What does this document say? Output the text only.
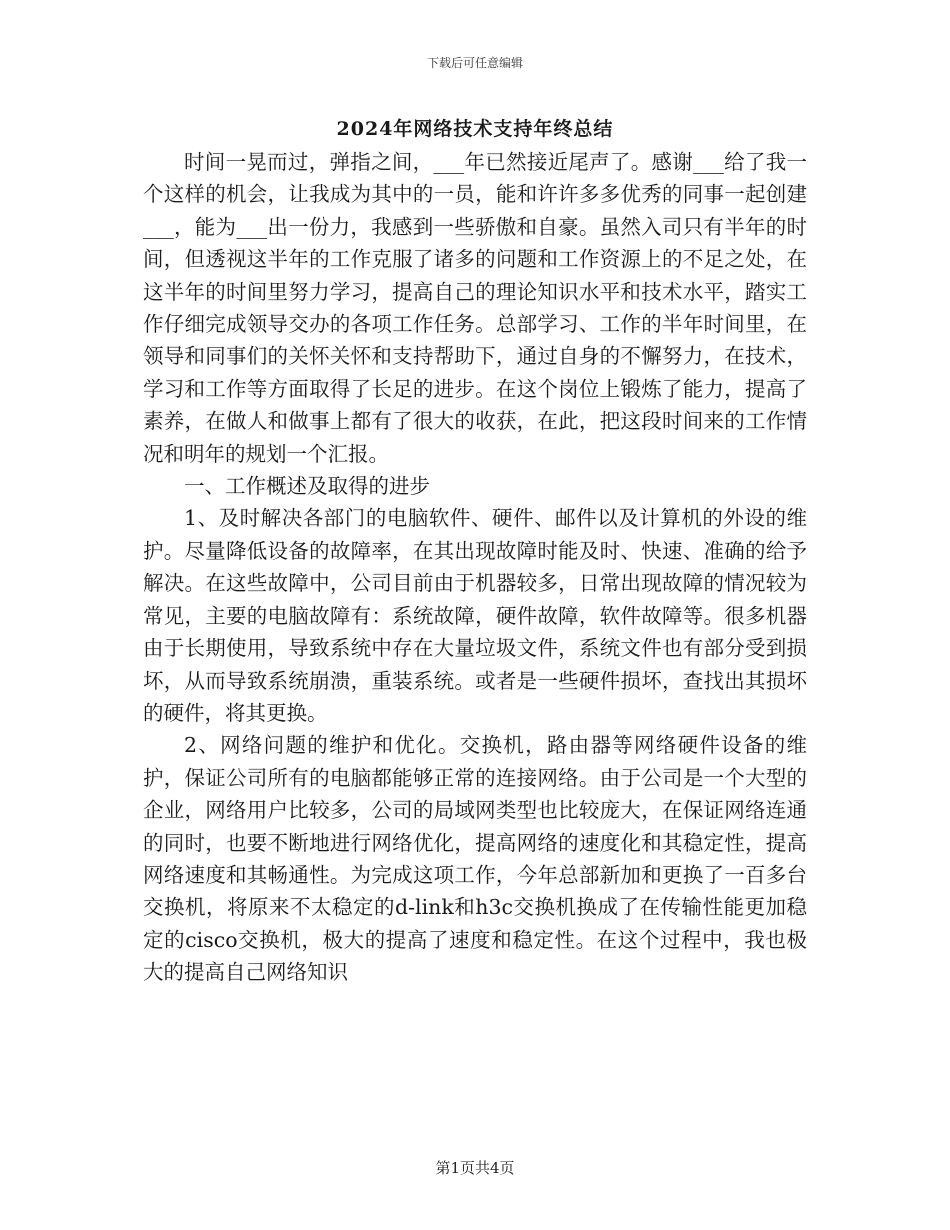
下载后可任意编辑
2024年网络技术支持年终总结

时间一晃而过，弹指之间，___年已然接近尾声了。感谢___给了我一个这样的机会，让我成为其中的一员，能和许许多多优秀的同事一起创建___，能为___出一份力，我感到一些骄傲和自豪。虽然入司只有半年的时间，但透视这半年的工作克服了诸多的问题和工作资源上的不足之处，在这半年的时间里努力学习，提高自己的理论知识水平和技术水平，踏实工作仔细完成领导交办的各项工作任务。总部学习、工作的半年时间里，在领导和同事们的关怀关怀和支持帮助下，通过自身的不懈努力，在技术，学习和工作等方面取得了长足的进步。在这个岗位上锻炼了能力，提高了素养，在做人和做事上都有了很大的收获，在此，把这段时间来的工作情况和明年的规划一个汇报。

一、工作概述及取得的进步

1、及时解决各部门的电脑软件、硬件、邮件以及计算机的外设的维护。尽量降低设备的故障率，在其出现故障时能及时、快速、准确的给予解决。在这些故障中，公司目前由于机器较多，日常出现故障的情况较为常见，主要的电脑故障有：系统故障，硬件故障，软件故障等。很多机器由于长期使用，导致系统中存在大量垃圾文件，系统文件也有部分受到损坏，从而导致系统崩溃，重装系统。或者是一些硬件损坏，查找出其损坏的硬件，将其更换。

2、网络问题的维护和优化。交换机，路由器等网络硬件设备的维护，保证公司所有的电脑都能够正常的连接网络。由于公司是一个大型的企业，网络用户比较多，公司的局域网类型也比较庞大，在保证网络连通的同时，也要不断地进行网络优化，提高网络的速度化和其稳定性，提高网络速度和其畅通性。为完成这项工作，今年总部新加和更换了一百多台交换机，将原来不太稳定的d-link和h3c交换机换成了在传输性能更加稳定的cisco交换机，极大的提高了速度和稳定性。在这个过程中，我也极大的提高自己网络知识

第1页共4页
